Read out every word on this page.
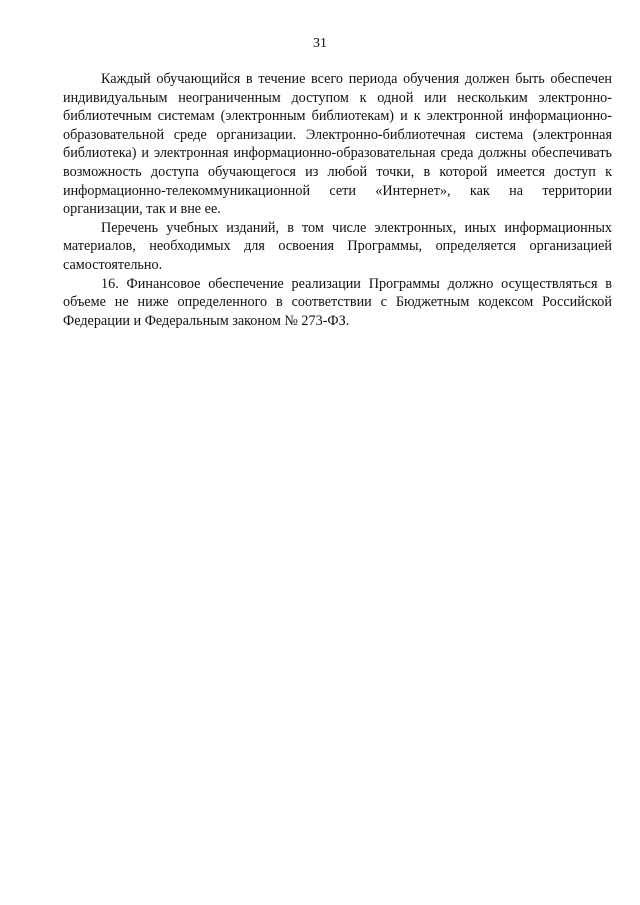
31

Каждый обучающийся в течение всего периода обучения должен быть обеспечен индивидуальным неограниченным доступом к одной или нескольким электронно-библиотечным системам (электронным библиотекам) и к электронной информационно-образовательной среде организации. Электронно-библиотечная система (электронная библиотека) и электронная информационно-образовательная среда должны обеспечивать возможность доступа обучающегося из любой точки, в которой имеется доступ к информационно-телекоммуникационной сети «Интернет», как на территории организации, так и вне ее.

Перечень учебных изданий, в том числе электронных, иных информационных материалов, необходимых для освоения Программы, определяется организацией самостоятельно.

16. Финансовое обеспечение реализации Программы должно осуществляться в объеме не ниже определенного в соответствии с Бюджетным кодексом Российской Федерации и Федеральным законом № 273-ФЗ.
